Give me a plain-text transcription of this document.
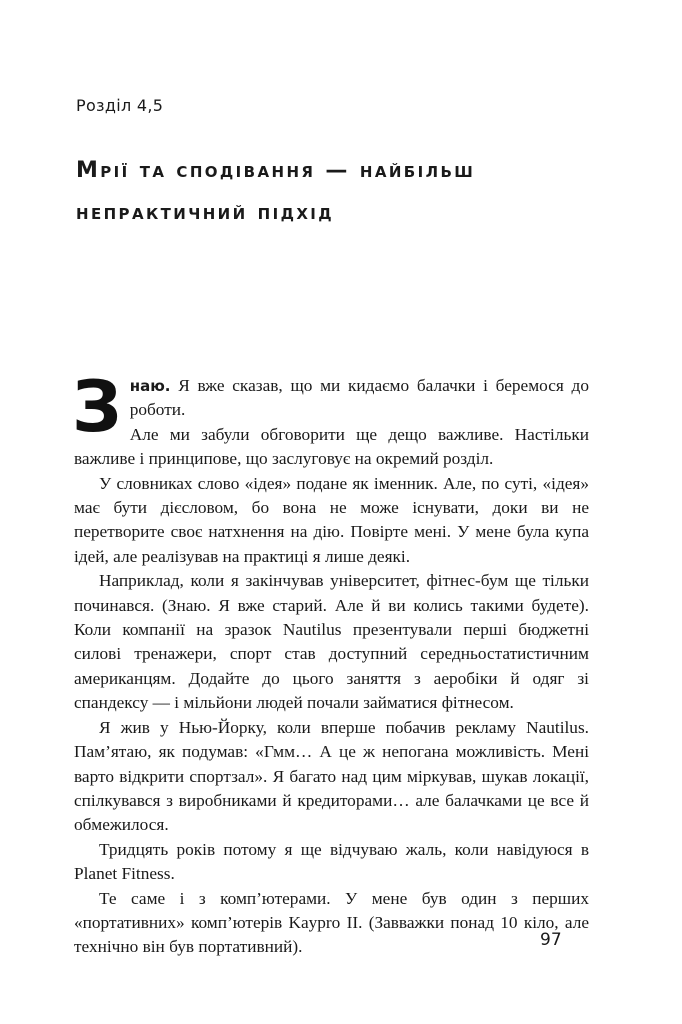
Розділ 4,5
Мрії та сподівання — найбільш непрактичний підхід

Знаю. Я вже сказав, що ми кидаємо балачки і беремося до роботи.

Але ми забули обговорити ще дещо важливе. Настільки важливе і принципове, що заслуговує на окремий розділ.

У словниках слово «ідея» подане як іменник. Але, по суті, «ідея» має бути дієсловом, бо вона не може існувати, доки ви не перетворите своє натхнення на дію. Повірте мені. У мене була купа ідей, але реалізував на практиці я лише деякі.

Наприклад, коли я закінчував університет, фітнес-бум ще тільки починався. (Знаю. Я вже старий. Але й ви колись такими будете). Коли компанії на зразок Nautilus презентували перші бюджетні силові тренажери, спорт став доступний середньостатистичним американцям. Додайте до цього заняття з аеробіки й одяг зі спандексу — і мільйони людей почали займатися фітнесом.

Я жив у Нью-Йорку, коли вперше побачив рекламу Nautilus. Пам’ятаю, як подумав: «Гмм… А це ж непогана можливість. Мені варто відкрити спортзал». Я багато над цим міркував, шукав локації, спілкувався з виробниками й кредиторами… але балачками це все й обмежилося.

Тридцять років потому я ще відчуваю жаль, коли навідуюся в Planet Fitness.

Те саме і з комп’ютерами. У мене був один з перших «портативних» комп’ютерів Kaypro II. (Завважки понад 10 кіло, але технічно він був портативний).	97
